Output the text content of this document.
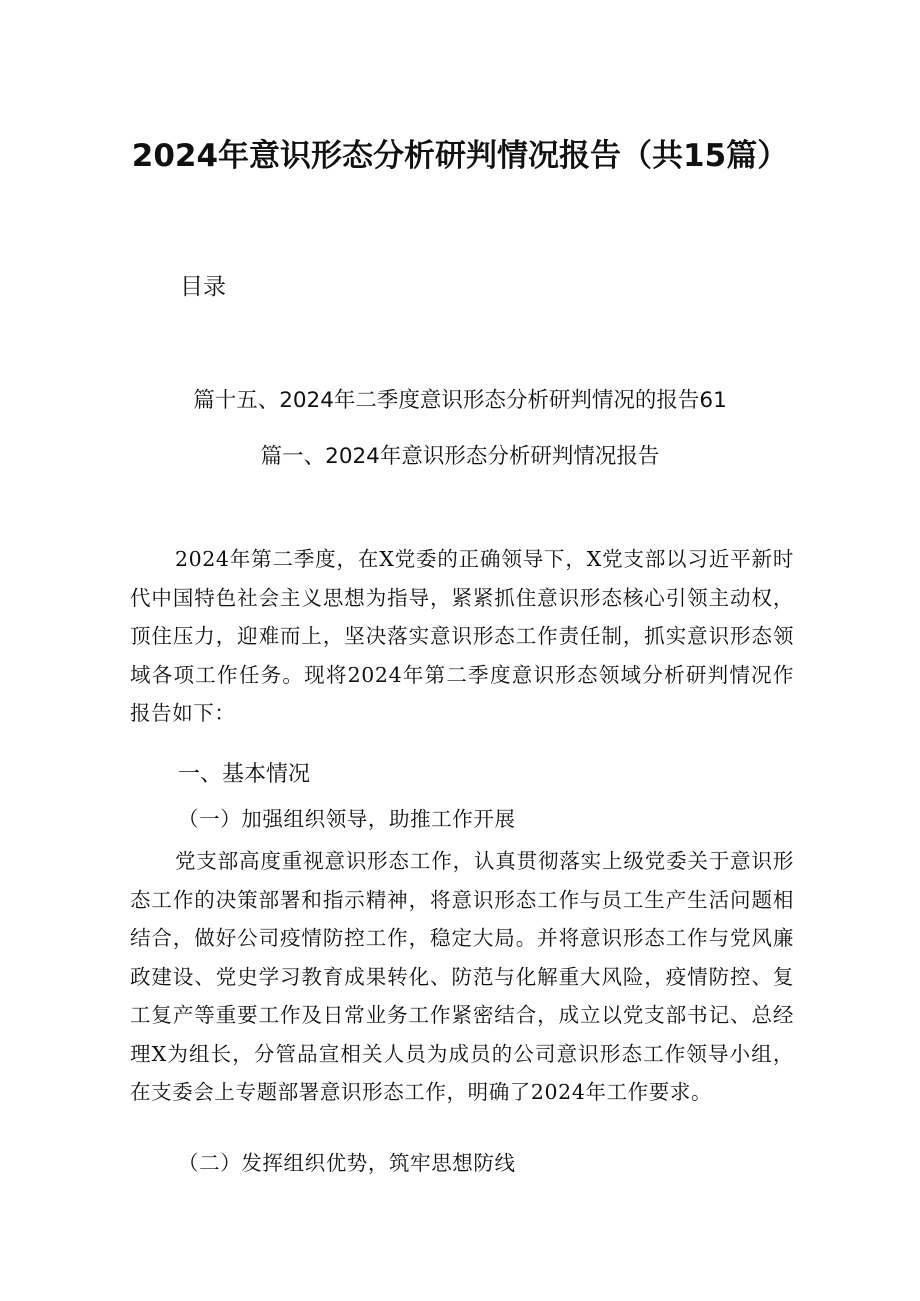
2024年意识形态分析研判情况报告（共15篇）
目录
篇十五、2024年二季度意识形态分析研判情况的报告61
篇一、2024年意识形态分析研判情况报告
2024年第二季度，在X党委的正确领导下，X党支部以习近平新时代中国特色社会主义思想为指导，紧紧抓住意识形态核心引领主动权，顶住压力，迎难而上，坚决落实意识形态工作责任制，抓实意识形态领域各项工作任务。现将2024年第二季度意识形态领域分析研判情况作报告如下：
一、基本情况
（一）加强组织领导，助推工作开展
党支部高度重视意识形态工作，认真贯彻落实上级党委关于意识形态工作的决策部署和指示精神，将意识形态工作与员工生产生活问题相结合，做好公司疫情防控工作，稳定大局。并将意识形态工作与党风廉政建设、党史学习教育成果转化、防范与化解重大风险，疫情防控、复工复产等重要工作及日常业务工作紧密结合，成立以党支部书记、总经理X为组长，分管品宣相关人员为成员的公司意识形态工作领导小组，在支委会上专题部署意识形态工作，明确了2024年工作要求。
（二）发挥组织优势，筑牢思想防线
